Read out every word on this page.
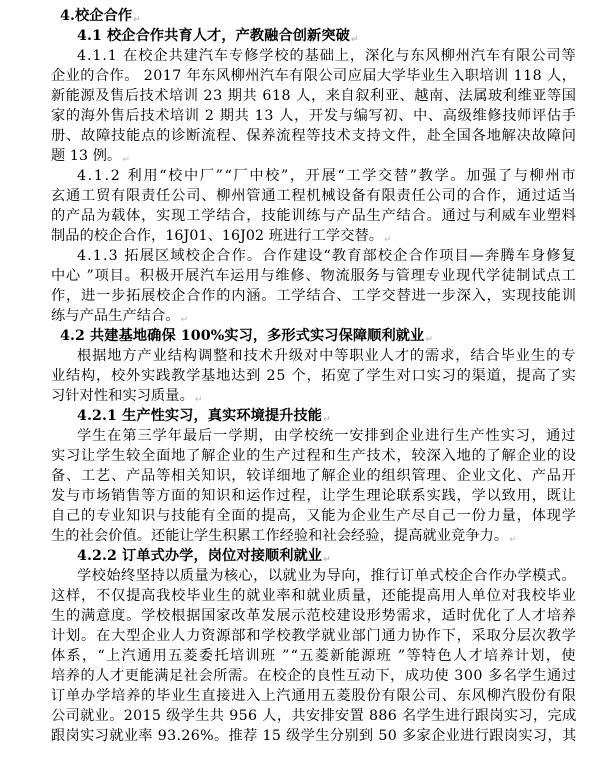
4.校企合作↵
4.1 校企合作共育人才，产教融合创新突破↵
4.1.1 在校企共建汽车专修学校的基础上，深化与东风柳州汽车有限公司等
企业的合作。 2017 年东风柳州汽车有限公司应届大学毕业生入职培训 118 人，
新能源及售后技术培训 23 期共 618 人，来自叙利亚、越南、法属玻利维亚等国
家的海外售后技术培训 2 期共 13 人，开发与编写初、中、高级维修技师评估手
册、故障技能点的诊断流程、保养流程等技术支持文件，赴全国各地解决故障问
题 13 例。↵
4.1.2 利用“校中厂”“厂中校”，开展“工学交替”教学。加强了与柳州市
玄通工贸有限责任公司、柳州管通工程机械设备有限责任公司的合作，通过适当
的产品为载体，实现工学结合，技能训练与产品生产结合。通过与利威车业塑料
制品的校企合作，16J01、16J02 班进行工学交替。↵
4.1.3 拓展区域校企合作。合作建设“教育部校企合作项目—奔腾车身修复
中心 ”项目。积极开展汽车运用与维修、物流服务与管理专业现代学徒制试点工
作，进一步拓展校企合作的内涵。工学结合、工学交替进一步深入，实现技能训
练与产品生产结合。↵
4.2 共建基地确保 100%实习，多形式实习保障顺利就业↵
根据地方产业结构调整和技术升级对中等职业人才的需求，结合毕业生的专
业结构，校外实践教学基地达到 25 个，拓宽了学生对口实习的渠道，提高了实
习针对性和实习质量。↵
4.2.1 生产性实习，真实环境提升技能↵
学生在第三学年最后一学期，由学校统一安排到企业进行生产性实习，通过
实习让学生较全面地了解企业的生产过程和生产技术，较深入地的了解企业的设
备、工艺、产品等相关知识，较详细地了解企业的组织管理、企业文化、产品开
发与市场销售等方面的知识和运作过程，让学生理论联系实践，学以致用，既让
自己的专业知识与技能有全面的提高，又能为企业生产尽自己一份力量，体现学
生的社会价值。还能让学生积累工作经验和社会经验，提高就业竞争力。↵
4.2.2 订单式办学，岗位对接顺利就业↵
学校始终坚持以质量为核心，以就业为导向，推行订单式校企合作办学模式。
这样，不仅提高我校毕业生的就业率和就业质量，还能提高用人单位对我校毕业
生的满意度。学校根据国家改革发展示范校建设形势需求，适时优化了人才培养
计划。在大型企业人力资源部和学校教学就业部门通力协作下，采取分层次教学
体系，“上汽通用五菱委托培训班 ”“五菱新能源班 ”等特色人才培养计划，使
培养的人才更能满足社会所需。在校企的良性互动下，成功使 300 多名学生通过
订单办学培养的毕业生直接进入上汽通用五菱股份有限公司、东风柳汽股份有限
公司就业。2015 级学生共 956 人，共安排安置 886 名学生进行跟岗实习，完成
跟岗实习就业率 93.26%。推荐 15 级学生分别到 50 多家企业进行跟岗实习，其
